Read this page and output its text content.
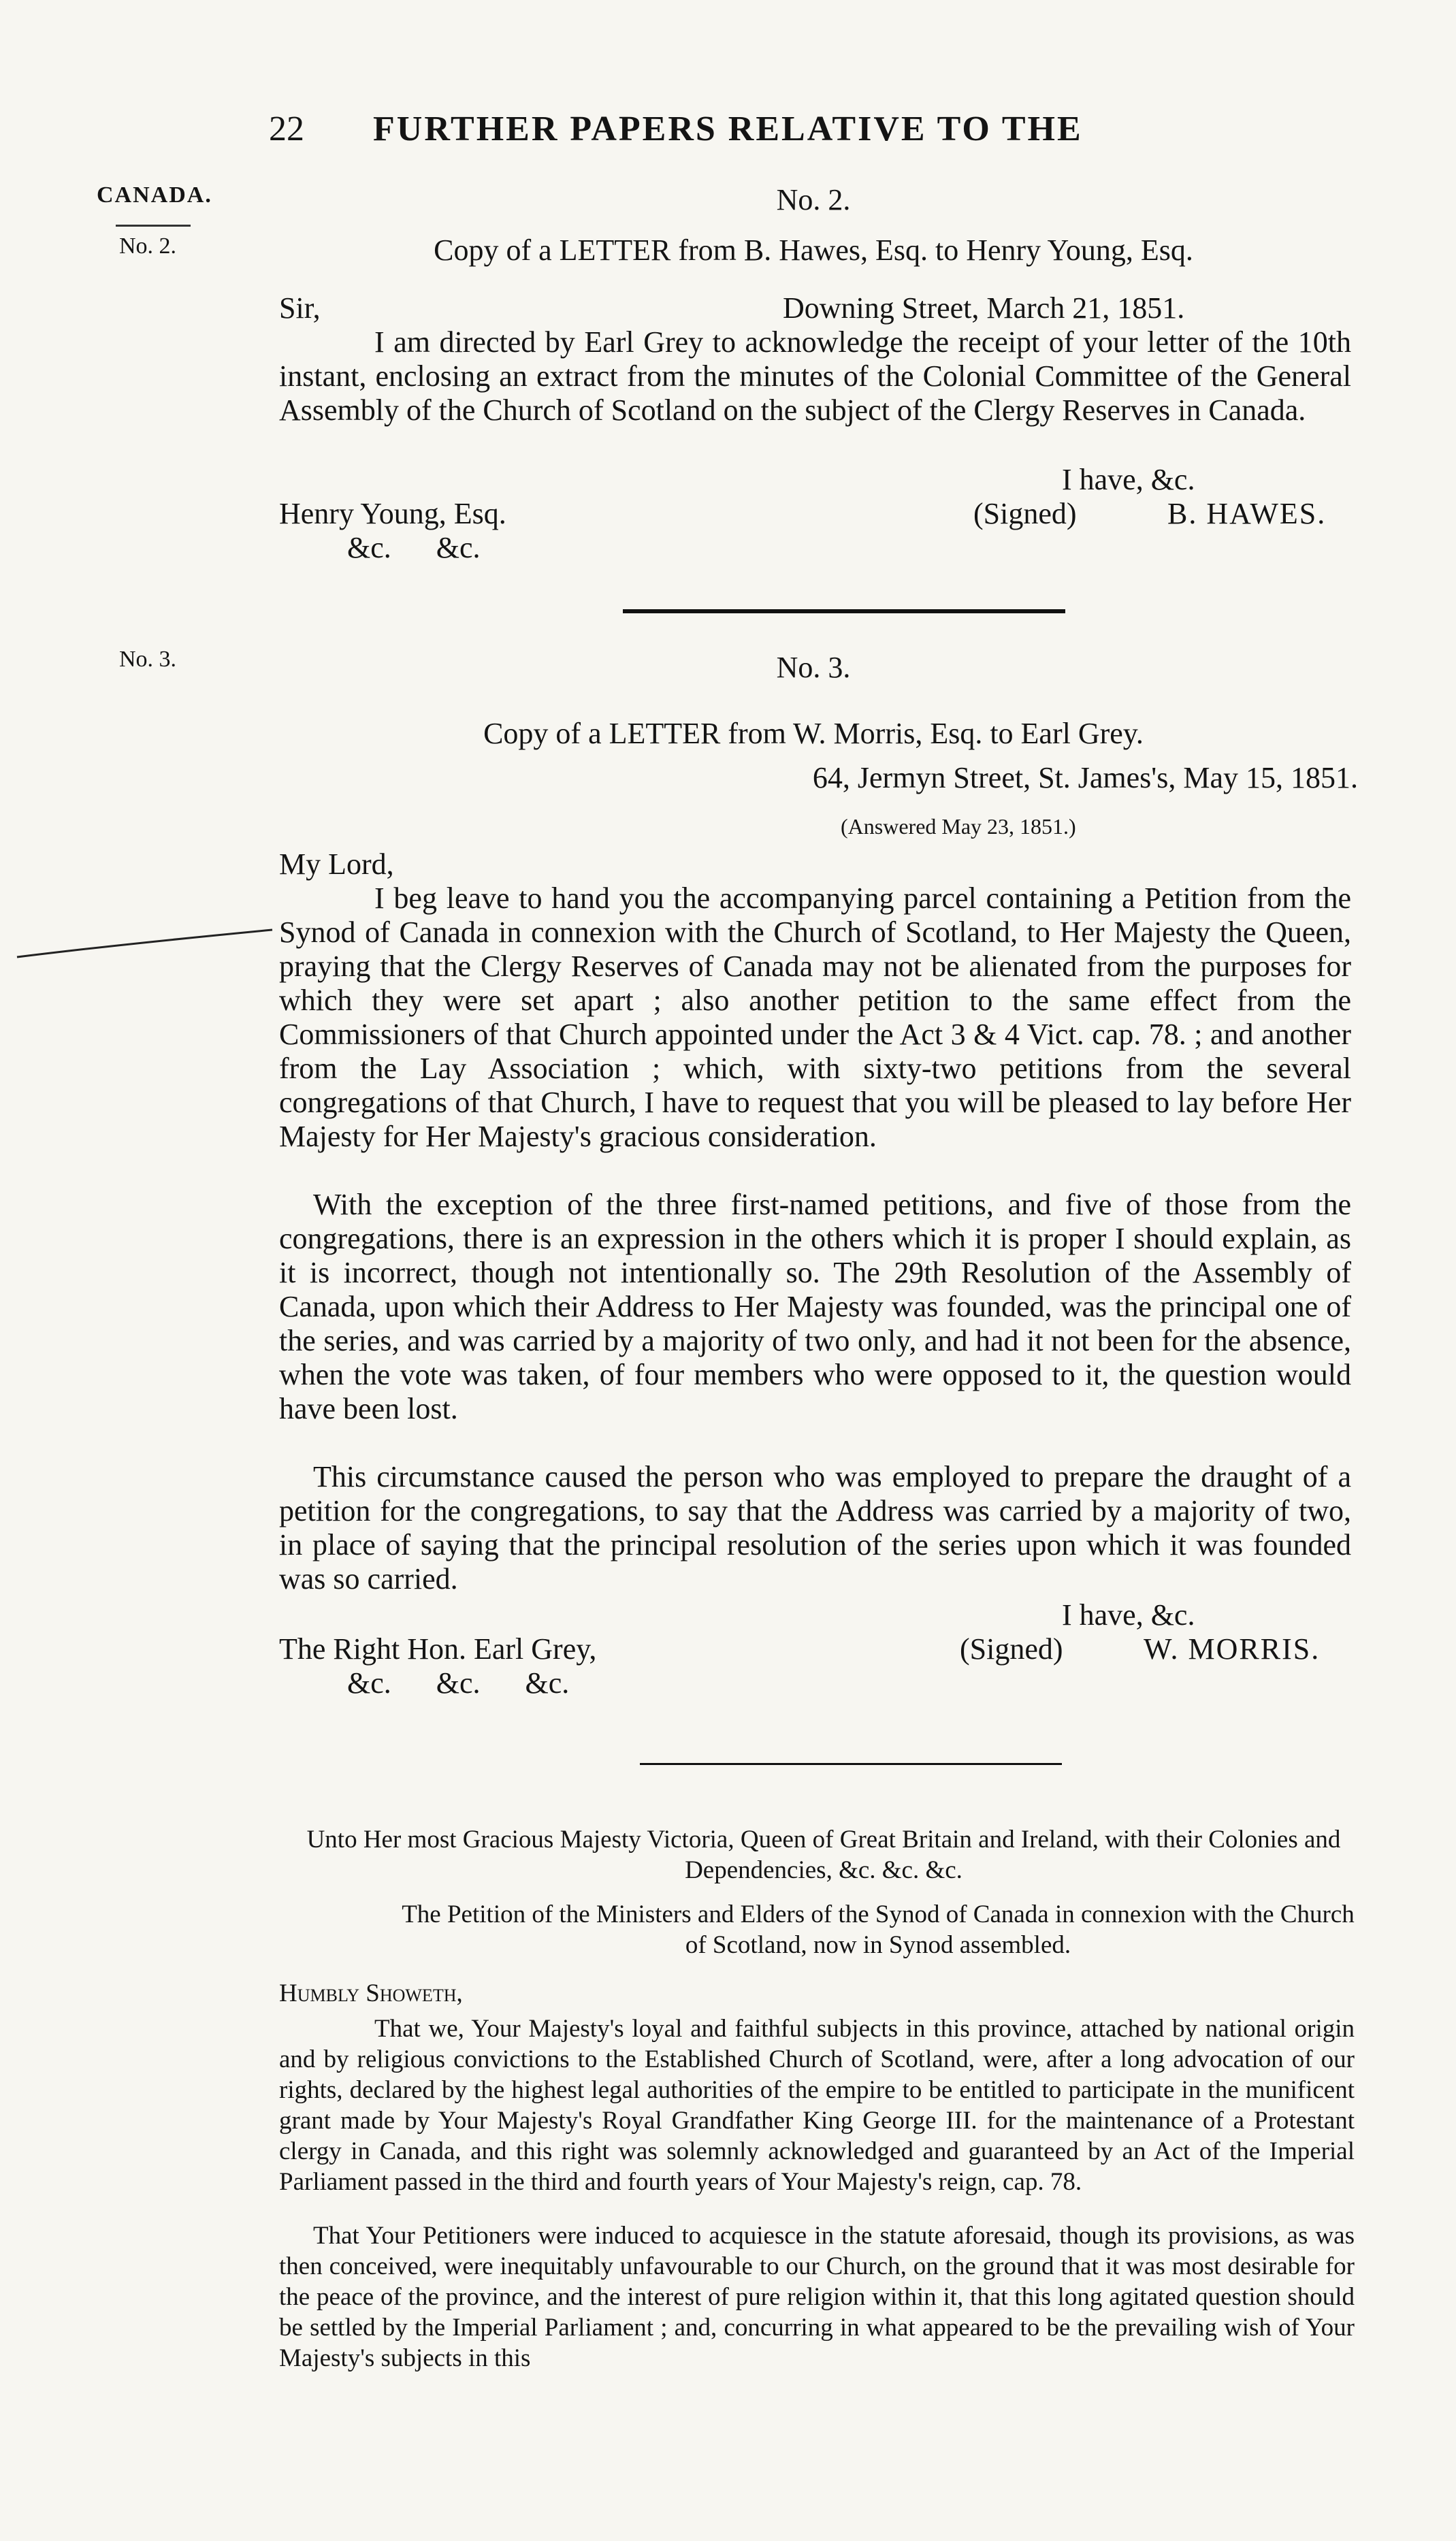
22 FURTHER PAPERS RELATIVE TO THE
CANADA.
No. 2.
No. 3.
No. 2.
Copy of a LETTER from B. Hawes, Esq. to Henry Young, Esq.
Sir,	Downing Street, March 21, 1851.
I am directed by Earl Grey to acknowledge the receipt of your letter of the 10th instant, enclosing an extract from the minutes of the Colonial Committee of the General Assembly of the Church of Scotland on the subject of the Clergy Reserves in Canada.
I have, &c.
Henry Young, Esq.	(Signed)	B. HAWES.
&c.      &c.
No. 3.
Copy of a LETTER from W. Morris, Esq. to Earl Grey.
64, Jermyn Street, St. James's, May 15, 1851.
(Answered May 23, 1851.)
My Lord,
I beg leave to hand you the accompanying parcel containing a Petition from the Synod of Canada in connexion with the Church of Scotland, to Her Majesty the Queen, praying that the Clergy Reserves of Canada may not be alienated from the purposes for which they were set apart ; also another petition to the same effect from the Commissioners of that Church appointed under the Act 3 & 4 Vict. cap. 78. ; and another from the Lay Association ; which, with sixty-two petitions from the several congregations of that Church, I have to request that you will be pleased to lay before Her Majesty for Her Majesty's gracious consideration.
With the exception of the three first-named petitions, and five of those from the congregations, there is an expression in the others which it is proper I should explain, as it is incorrect, though not intentionally so. The 29th Resolution of the Assembly of Canada, upon which their Address to Her Majesty was founded, was the principal one of the series, and was carried by a majority of two only, and had it not been for the absence, when the vote was taken, of four members who were opposed to it, the question would have been lost.
This circumstance caused the person who was employed to prepare the draught of a petition for the congregations, to say that the Address was carried by a majority of two, in place of saying that the principal resolution of the series upon which it was founded was so carried.
I have, &c.
The Right Hon. Earl Grey,	(Signed)	W. MORRIS.
&c.      &c.      &c.
Unto Her most Gracious Majesty Victoria, Queen of Great Britain and Ireland, with their Colonies and Dependencies, &c. &c. &c.
The Petition of the Ministers and Elders of the Synod of Canada in connexion with the Church of Scotland, now in Synod assembled.
Humbly Showeth,
That we, Your Majesty's loyal and faithful subjects in this province, attached by national origin and by religious convictions to the Established Church of Scotland, were, after a long advocation of our rights, declared by the highest legal authorities of the empire to be entitled to participate in the munificent grant made by Your Majesty's Royal Grandfather King George III. for the maintenance of a Protestant clergy in Canada, and this right was solemnly acknowledged and guaranteed by an Act of the Imperial Parliament passed in the third and fourth years of Your Majesty's reign, cap. 78.
That Your Petitioners were induced to acquiesce in the statute aforesaid, though its provisions, as was then conceived, were inequitably unfavourable to our Church, on the ground that it was most desirable for the peace of the province, and the interest of pure religion within it, that this long agitated question should be settled by the Imperial Parliament ; and, concurring in what appeared to be the prevailing wish of Your Majesty's subjects in this
